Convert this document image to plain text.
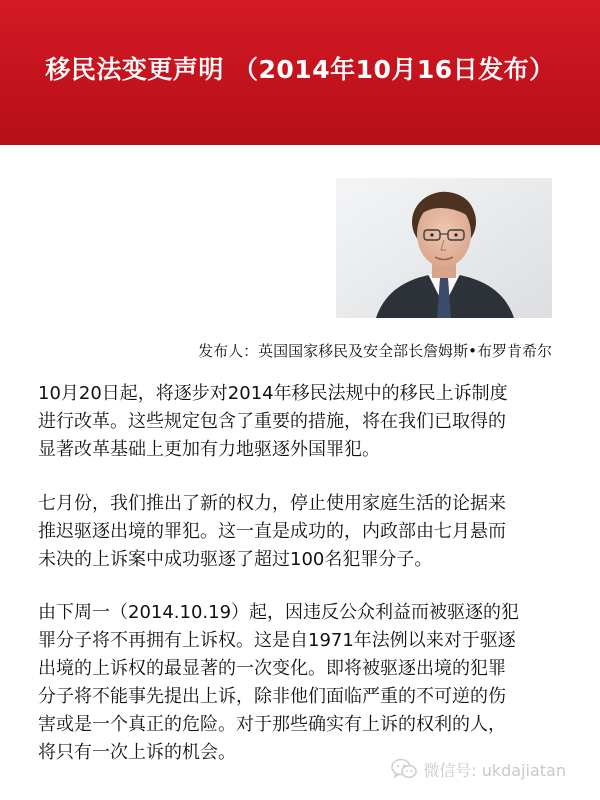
移民法变更声明 （2014年10月16日发布）
发布人：英国国家移民及安全部长詹姆斯•布罗肯希尔
10月20日起，将逐步对2014年移民法规中的移民上诉制度
进行改革。这些规定包含了重要的措施，将在我们已取得的
显著改革基础上更加有力地驱逐外国罪犯。
七月份，我们推出了新的权力，停止使用家庭生活的论据来
推迟驱逐出境的罪犯。这一直是成功的，内政部由七月悬而
未决的上诉案中成功驱逐了超过100名犯罪分子。
由下周一（2014.10.19）起，因违反公众利益而被驱逐的犯
罪分子将不再拥有上诉权。这是自1971年法例以来对于驱逐
出境的上诉权的最显著的一次变化。即将被驱逐出境的犯罪
分子将不能事先提出上诉，除非他们面临严重的不可逆的伤
害或是一个真正的危险。对于那些确实有上诉的权利的人，
将只有一次上诉的机会。
微信号: ukdajiatan
